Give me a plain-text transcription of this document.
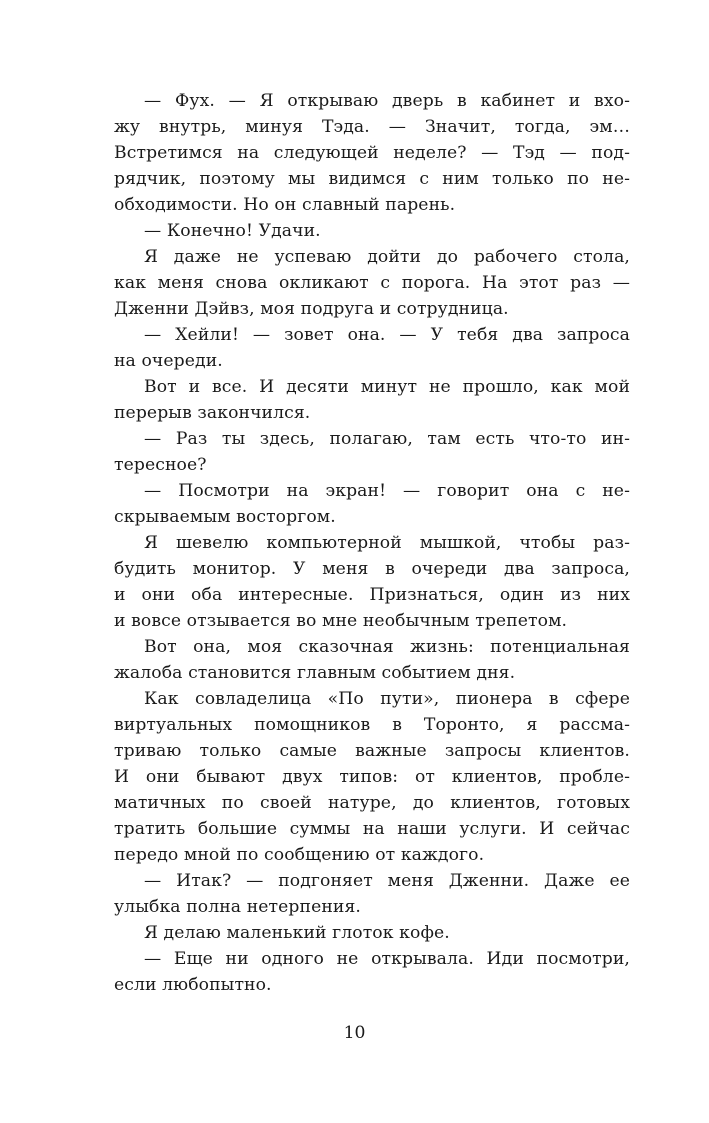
— Фух. — Я открываю дверь в кабинет и вхо-
жу внутрь, минуя Тэда. — Значит, тогда, эм…
Встретимся на следующей неделе? — Тэд — под-
рядчик, поэтому мы видимся с ним только по не-
обходимости. Но он славный парень.
— Конечно! Удачи.
Я даже не успеваю дойти до рабочего стола,
как меня снова окликают с порога. На этот раз —
Дженни Дэйвз, моя подруга и сотрудница.
— Хейли! — зовет она. — У тебя два запроса
на очереди.
Вот и все. И десяти минут не прошло, как мой
перерыв закончился.
— Раз ты здесь, полагаю, там есть что-то ин-
тересное?
— Посмотри на экран! — говорит она с не-
скрываемым восторгом.
Я шевелю компьютерной мышкой, чтобы раз-
будить монитор. У меня в очереди два запроса,
и они оба интересные. Признаться, один из них
и вовсе отзывается во мне необычным трепетом.
Вот она, моя сказочная жизнь: потенциальная
жалоба становится главным событием дня.
Как совладелица «По пути», пионера в сфере
виртуальных помощников в Торонто, я рассма-
триваю только самые важные запросы клиентов.
И они бывают двух типов: от клиентов, пробле-
матичных по своей натуре, до клиентов, готовых
тратить большие суммы на наши услуги. И сейчас
передо мной по сообщению от каждого.
— Итак? — подгоняет меня Дженни. Даже ее
улыбка полна нетерпения.
Я делаю маленький глоток кофе.
— Еще ни одного не открывала. Иди посмотри,
если любопытно.
10
